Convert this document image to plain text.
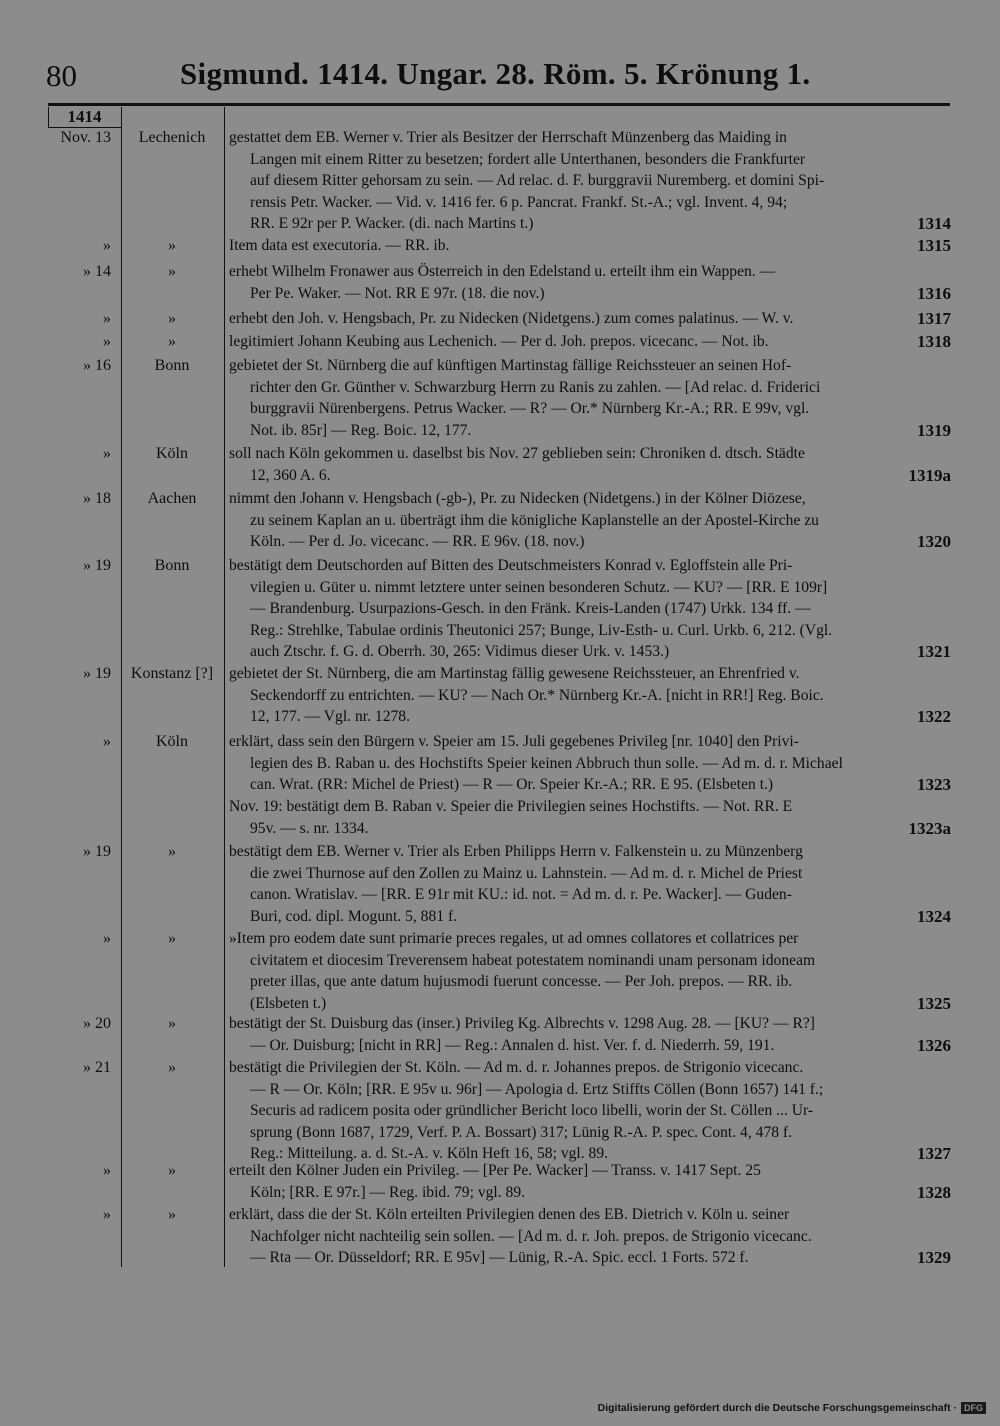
80	Sigmund. 1414. Ungar. 28. Röm. 5. Krönung 1.
1414
Nov. 13	Lechenich	gestattet dem EB. Werner v. Trier als Besitzer der Herrschaft Münzenberg das Maiding in
Langen mit einem Ritter zu besetzen; fordert alle Unterthanen, besonders die Frankfurter
auf diesem Ritter gehorsam zu sein. — Ad relac. d. F. burggravii Nuremberg. et domini Spi-
rensis Petr. Wacker. — Vid. v. 1416 fer. 6 p. Pancrat. Frankf. St.-A.; vgl. Invent. 4, 94;
RR. E 92r per P. Wacker. (di. nach Martins t.)	1314
»	»	Item data est executoria. — RR. ib.	1315
» 14	»	erhebt Wilhelm Fronawer aus Österreich in den Edelstand u. erteilt ihm ein Wappen. —
Per Pe. Waker. — Not. RR E 97r. (18. die nov.)	1316
»	»	erhebt den Joh. v. Hengsbach, Pr. zu Nidecken (Nidetgens.) zum comes palatinus. — W. v.	1317
»	»	legitimiert Johann Keubing aus Lechenich. — Per d. Joh. prepos. vicecanc. — Not. ib.	1318
» 16	Bonn	gebietet der St. Nürnberg die auf künftigen Martinstag fällige Reichssteuer an seinen Hof-
richter den Gr. Günther v. Schwarzburg Herrn zu Ranis zu zahlen. — [Ad relac. d. Friderici
burggravii Nürenbergens. Petrus Wacker. — R? — Or.* Nürnberg Kr.-A.; RR. E 99v, vgl.
Not. ib. 85r] — Reg. Boic. 12, 177.	1319
»	Köln	soll nach Köln gekommen u. daselbst bis Nov. 27 geblieben sein: Chroniken d. dtsch. Städte
12, 360 A. 6.	1319a
» 18	Aachen	nimmt den Johann v. Hengsbach (-gb-), Pr. zu Nidecken (Nidetgens.) in der Kölner Diözese,
zu seinem Kaplan an u. überträgt ihm die königliche Kaplanstelle an der Apostel-Kirche zu
Köln. — Per d. Jo. vicecanc. — RR. E 96v. (18. nov.)	1320
» 19	Bonn	bestätigt dem Deutschorden auf Bitten des Deutschmeisters Konrad v. Egloffstein alle Pri-
vilegien u. Güter u. nimmt letztere unter seinen besonderen Schutz. — KU? — [RR. E 109r]
— Brandenburg. Usurpazions-Gesch. in den Fränk. Kreis-Landen (1747) Urkk. 134 ff. —
Reg.: Strehlke, Tabulae ordinis Theutonici 257; Bunge, Liv-Esth- u. Curl. Urkb. 6, 212. (Vgl.
auch Ztschr. f. G. d. Oberrh. 30, 265: Vidimus dieser Urk. v. 1453.)	1321
» 19	Konstanz [?]	gebietet der St. Nürnberg, die am Martinstag fällig gewesene Reichssteuer, an Ehrenfried v.
Seckendorff zu entrichten. — KU? — Nach Or.* Nürnberg Kr.-A. [nicht in RR!] Reg. Boic.
12, 177. — Vgl. nr. 1278.	1322
»	Köln	erklärt, dass sein den Bürgern v. Speier am 15. Juli gegebenes Privileg [nr. 1040] den Privi-
legien des B. Raban u. des Hochstifts Speier keinen Abbruch thun solle. — Ad m. d. r. Michael
can. Wrat. (RR: Michel de Priest) — R — Or. Speier Kr.-A.; RR. E 95. (Elsbeten t.)	1323
Nov. 19: bestätigt dem B. Raban v. Speier die Privilegien seines Hochstifts. — Not. RR. E
95v. — s. nr. 1334.	1323a
» 19	»	bestätigt dem EB. Werner v. Trier als Erben Philipps Herrn v. Falkenstein u. zu Münzenberg
die zwei Thurnose auf den Zollen zu Mainz u. Lahnstein. — Ad m. d. r. Michel de Priest
canon. Wratislav. — [RR. E 91r mit KU.: id. not. = Ad m. d. r. Pe. Wacker]. — Guden-
Buri, cod. dipl. Mogunt. 5, 881 f.	1324
»	»	»Item pro eodem date sunt primarie preces regales, ut ad omnes collatores et collatrices per
civitatem et diocesim Treverensem habeat potestatem nominandi unam personam idoneam
preter illas, que ante datum hujusmodi fuerunt concesse. — Per Joh. prepos. — RR. ib.
(Elsbeten t.)	1325
» 20	»	bestätigt der St. Duisburg das (inser.) Privileg Kg. Albrechts v. 1298 Aug. 28. — [KU? — R?]
— Or. Duisburg; [nicht in RR] — Reg.: Annalen d. hist. Ver. f. d. Niederrh. 59, 191.	1326
» 21	»	bestätigt die Privilegien der St. Köln. — Ad m. d. r. Johannes prepos. de Strigonio vicecanc.
— R — Or. Köln; [RR. E 95v u. 96r] — Apologia d. Ertz Stiffts Cöllen (Bonn 1657) 141 f.;
Securis ad radicem posita oder gründlicher Bericht loco libelli, worin der St. Cöllen ... Ur-
sprung (Bonn 1687, 1729, Verf. P. A. Bossart) 317; Lünig R.-A. P. spec. Cont. 4, 478 f.
Reg.: Mitteilung. a. d. St.-A. v. Köln Heft 16, 58; vgl. 89.	1327
»	»	erteilt den Kölner Juden ein Privileg. — [Per Pe. Wacker] — Transs. v. 1417 Sept. 25
Köln; [RR. E 97r.] — Reg. ibid. 79; vgl. 89.	1328
»	»	erklärt, dass die der St. Köln erteilten Privilegien denen des EB. Dietrich v. Köln u. seiner
Nachfolger nicht nachteilig sein sollen. — [Ad m. d. r. Joh. prepos. de Strigonio vicecanc.
— Rta — Or. Düsseldorf; RR. E 95v] — Lünig, R.-A. Spic. eccl. 1 Forts. 572 f.	1329
Digitalisierung gefördert durch die Deutsche Forschungsgemeinschaft · DFG
